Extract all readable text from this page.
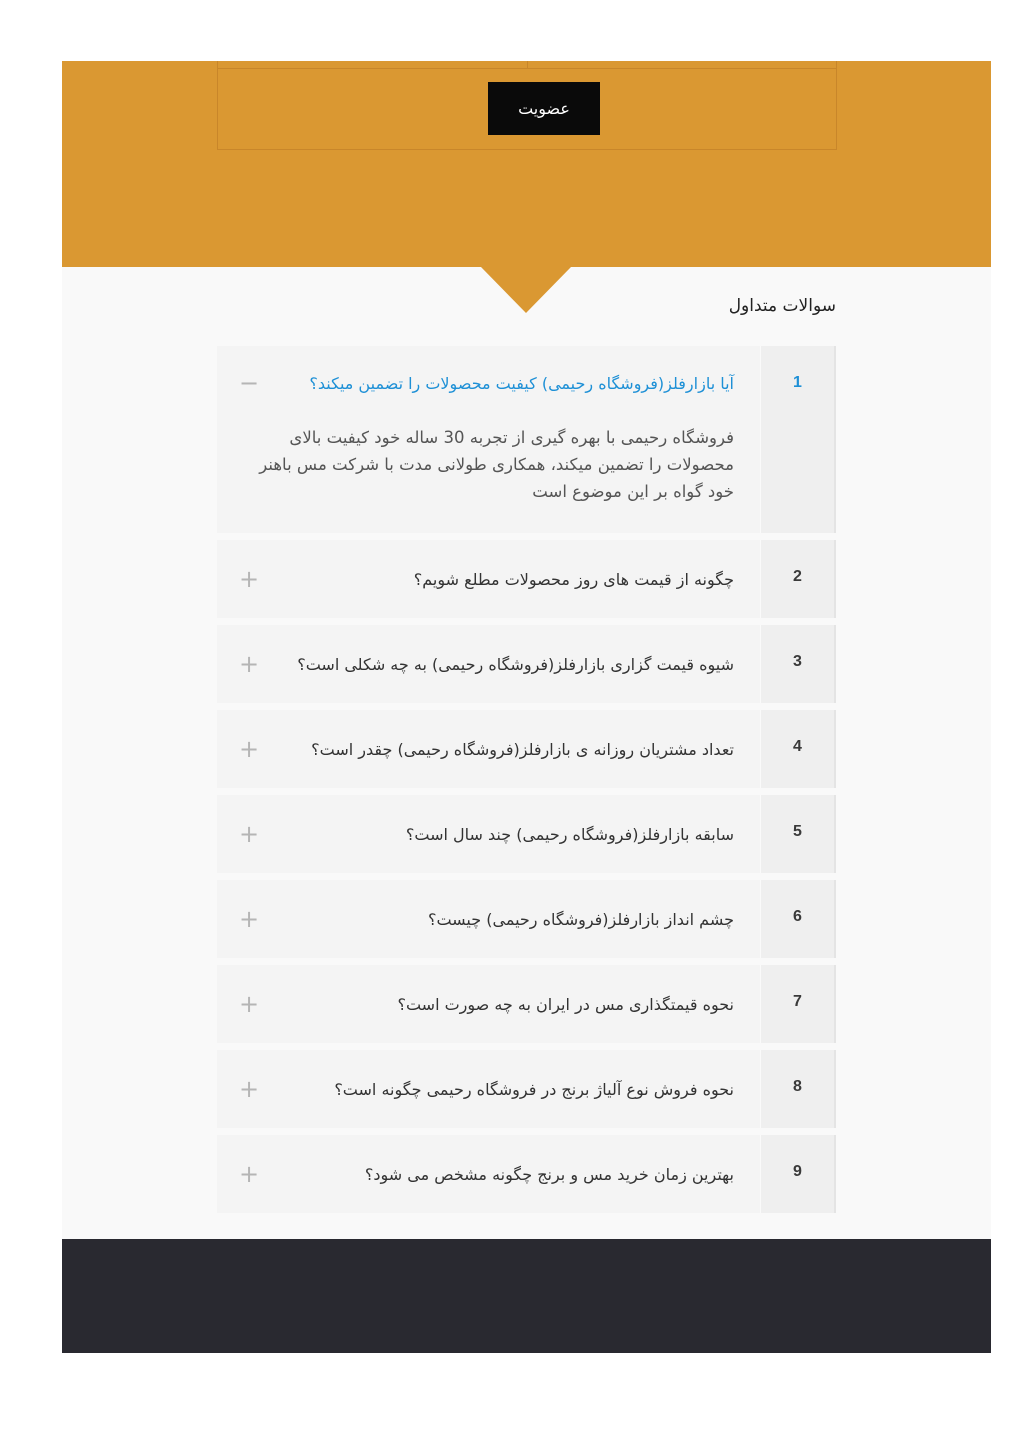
عضویت
سوالات متداول
1
آیا بازارفلز(فروشگاه رحیمی) کیفیت محصولات را تضمین میکند؟
−
فروشگاه رحیمی با بهره گیری از تجربه 30 ساله خود کیفیت بالای محصولات را تضمین میکند، همکاری طولانی مدت با شرکت مس باهنر خود گواه بر این موضوع است
2
چگونه از قیمت های روز محصولات مطلع شویم؟
+
3
شیوه قیمت گزاری بازارفلز(فروشگاه رحیمی) به چه شکلی است؟
+
4
تعداد مشتریان روزانه ی بازارفلز(فروشگاه رحیمی) چقدر است؟
+
5
سابقه بازارفلز(فروشگاه رحیمی) چند سال است؟
+
6
چشم انداز بازارفلز(فروشگاه رحیمی) چیست؟
+
7
نحوه قیمتگذاری مس در ایران به چه صورت است؟
+
8
نحوه فروش نوع آلیاژ برنج در فروشگاه رحیمی چگونه است؟
+
9
بهترین زمان خرید مس و برنج چگونه مشخص می شود؟
+
